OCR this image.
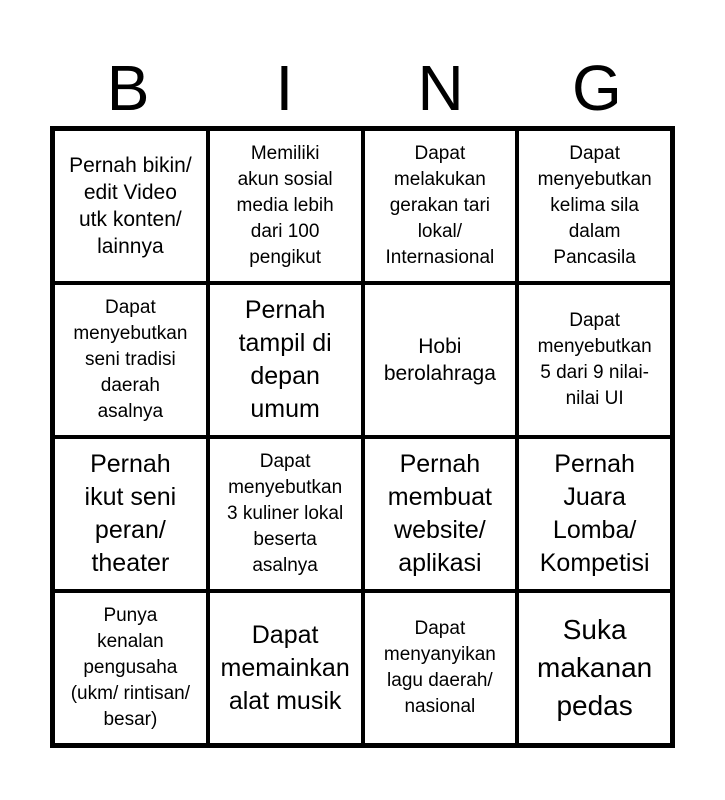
B	I	N	G
Pernah bikin/
edit Video
utk konten/
lainnya
Memiliki
akun sosial
media lebih
dari 100
pengikut
Dapat
melakukan
gerakan tari
lokal/
Internasional
Dapat
menyebutkan
kelima sila
dalam
Pancasila
Dapat
menyebutkan
seni tradisi
daerah
asalnya
Pernah
tampil di
depan
umum
Hobi
berolahraga
Dapat
menyebutkan
5 dari 9 nilai-
nilai UI
Pernah
ikut seni
peran/
theater
Dapat
menyebutkan
3 kuliner lokal
beserta
asalnya
Pernah
membuat
website/
aplikasi
Pernah
Juara
Lomba/
Kompetisi
Punya
kenalan
pengusaha
(ukm/ rintisan/
besar)
Dapat
memainkan
alat musik
Dapat
menyanyikan
lagu daerah/
nasional
Suka
makanan
pedas
